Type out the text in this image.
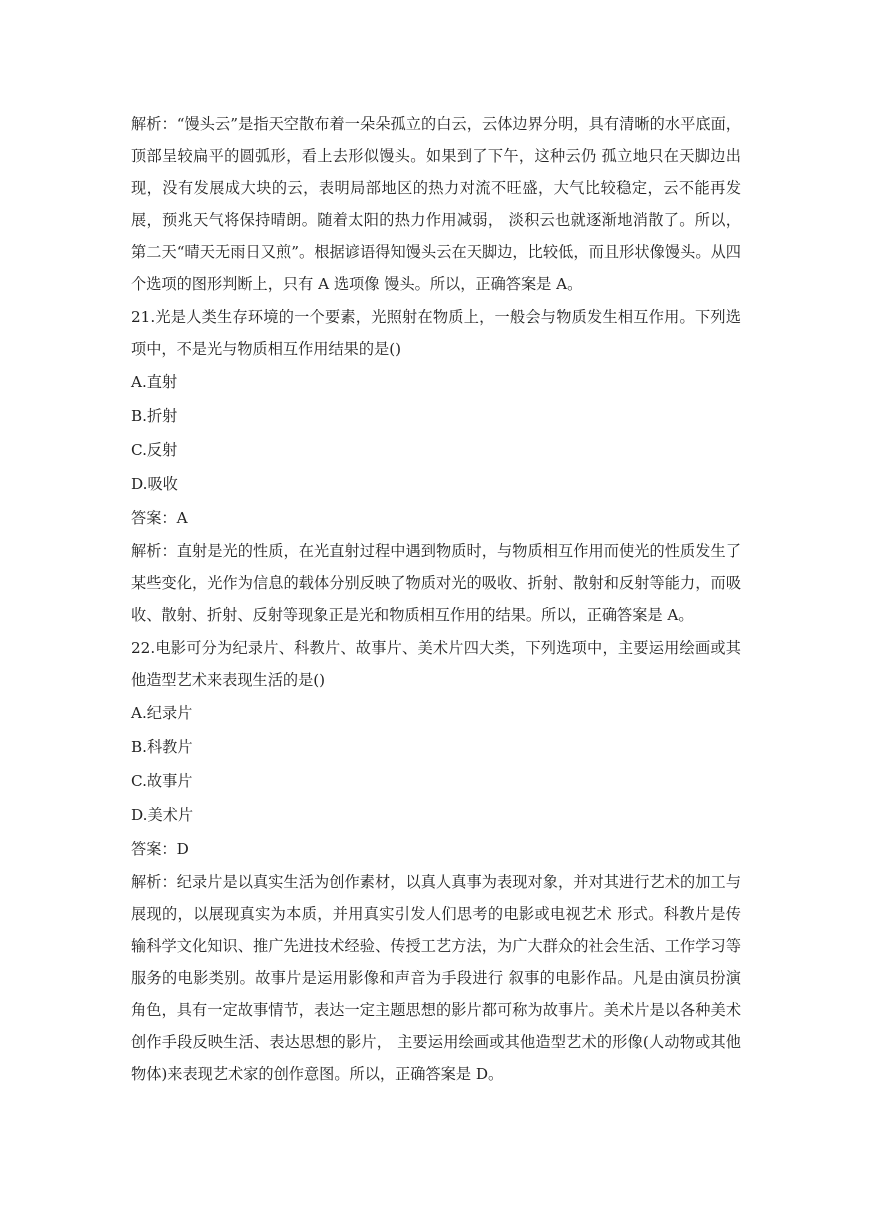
解析：“馒头云”是指天空散布着一朵朵孤立的白云，云体边界分明，具有清晰的水平底面，顶部呈较扁平的圆弧形，看上去形似馒头。如果到了下午，这种云仍 孤立地只在天脚边出现，没有发展成大块的云，表明局部地区的热力对流不旺盛，大气比较稳定，云不能再发展，预兆天气将保持晴朗。随着太阳的热力作用减弱， 淡积云也就逐渐地消散了。所以，第二天“晴天无雨日又煎”。根据谚语得知馒头云在天脚边，比较低，而且形状像馒头。从四个选项的图形判断上，只有 A 选项像 馒头。所以，正确答案是 A。

21.光是人类生存环境的一个要素，光照射在物质上，一般会与物质发生相互作用。下列选项中，不是光与物质相互作用结果的是()

A.直射

B.折射

C.反射

D.吸收

答案：A

解析：直射是光的性质，在光直射过程中遇到物质时，与物质相互作用而使光的性质发生了某些变化，光作为信息的载体分别反映了物质对光的吸收、折射、散射和反射等能力，而吸收、散射、折射、反射等现象正是光和物质相互作用的结果。所以，正确答案是 A。

22.电影可分为纪录片、科教片、故事片、美术片四大类，下列选项中，主要运用绘画或其他造型艺术来表现生活的是()

A.纪录片

B.科教片

C.故事片

D.美术片

答案：D

解析：纪录片是以真实生活为创作素材，以真人真事为表现对象，并对其进行艺术的加工与展现的，以展现真实为本质，并用真实引发人们思考的电影或电视艺术 形式。科教片是传输科学文化知识、推广先进技术经验、传授工艺方法，为广大群众的社会生活、工作学习等服务的电影类别。故事片是运用影像和声音为手段进行 叙事的电影作品。凡是由演员扮演角色，具有一定故事情节，表达一定主题思想的影片都可称为故事片。美术片是以各种美术创作手段反映生活、表达思想的影片， 主要运用绘画或其他造型艺术的形像(人动物或其他物体)来表现艺术家的创作意图。所以，正确答案是 D。
